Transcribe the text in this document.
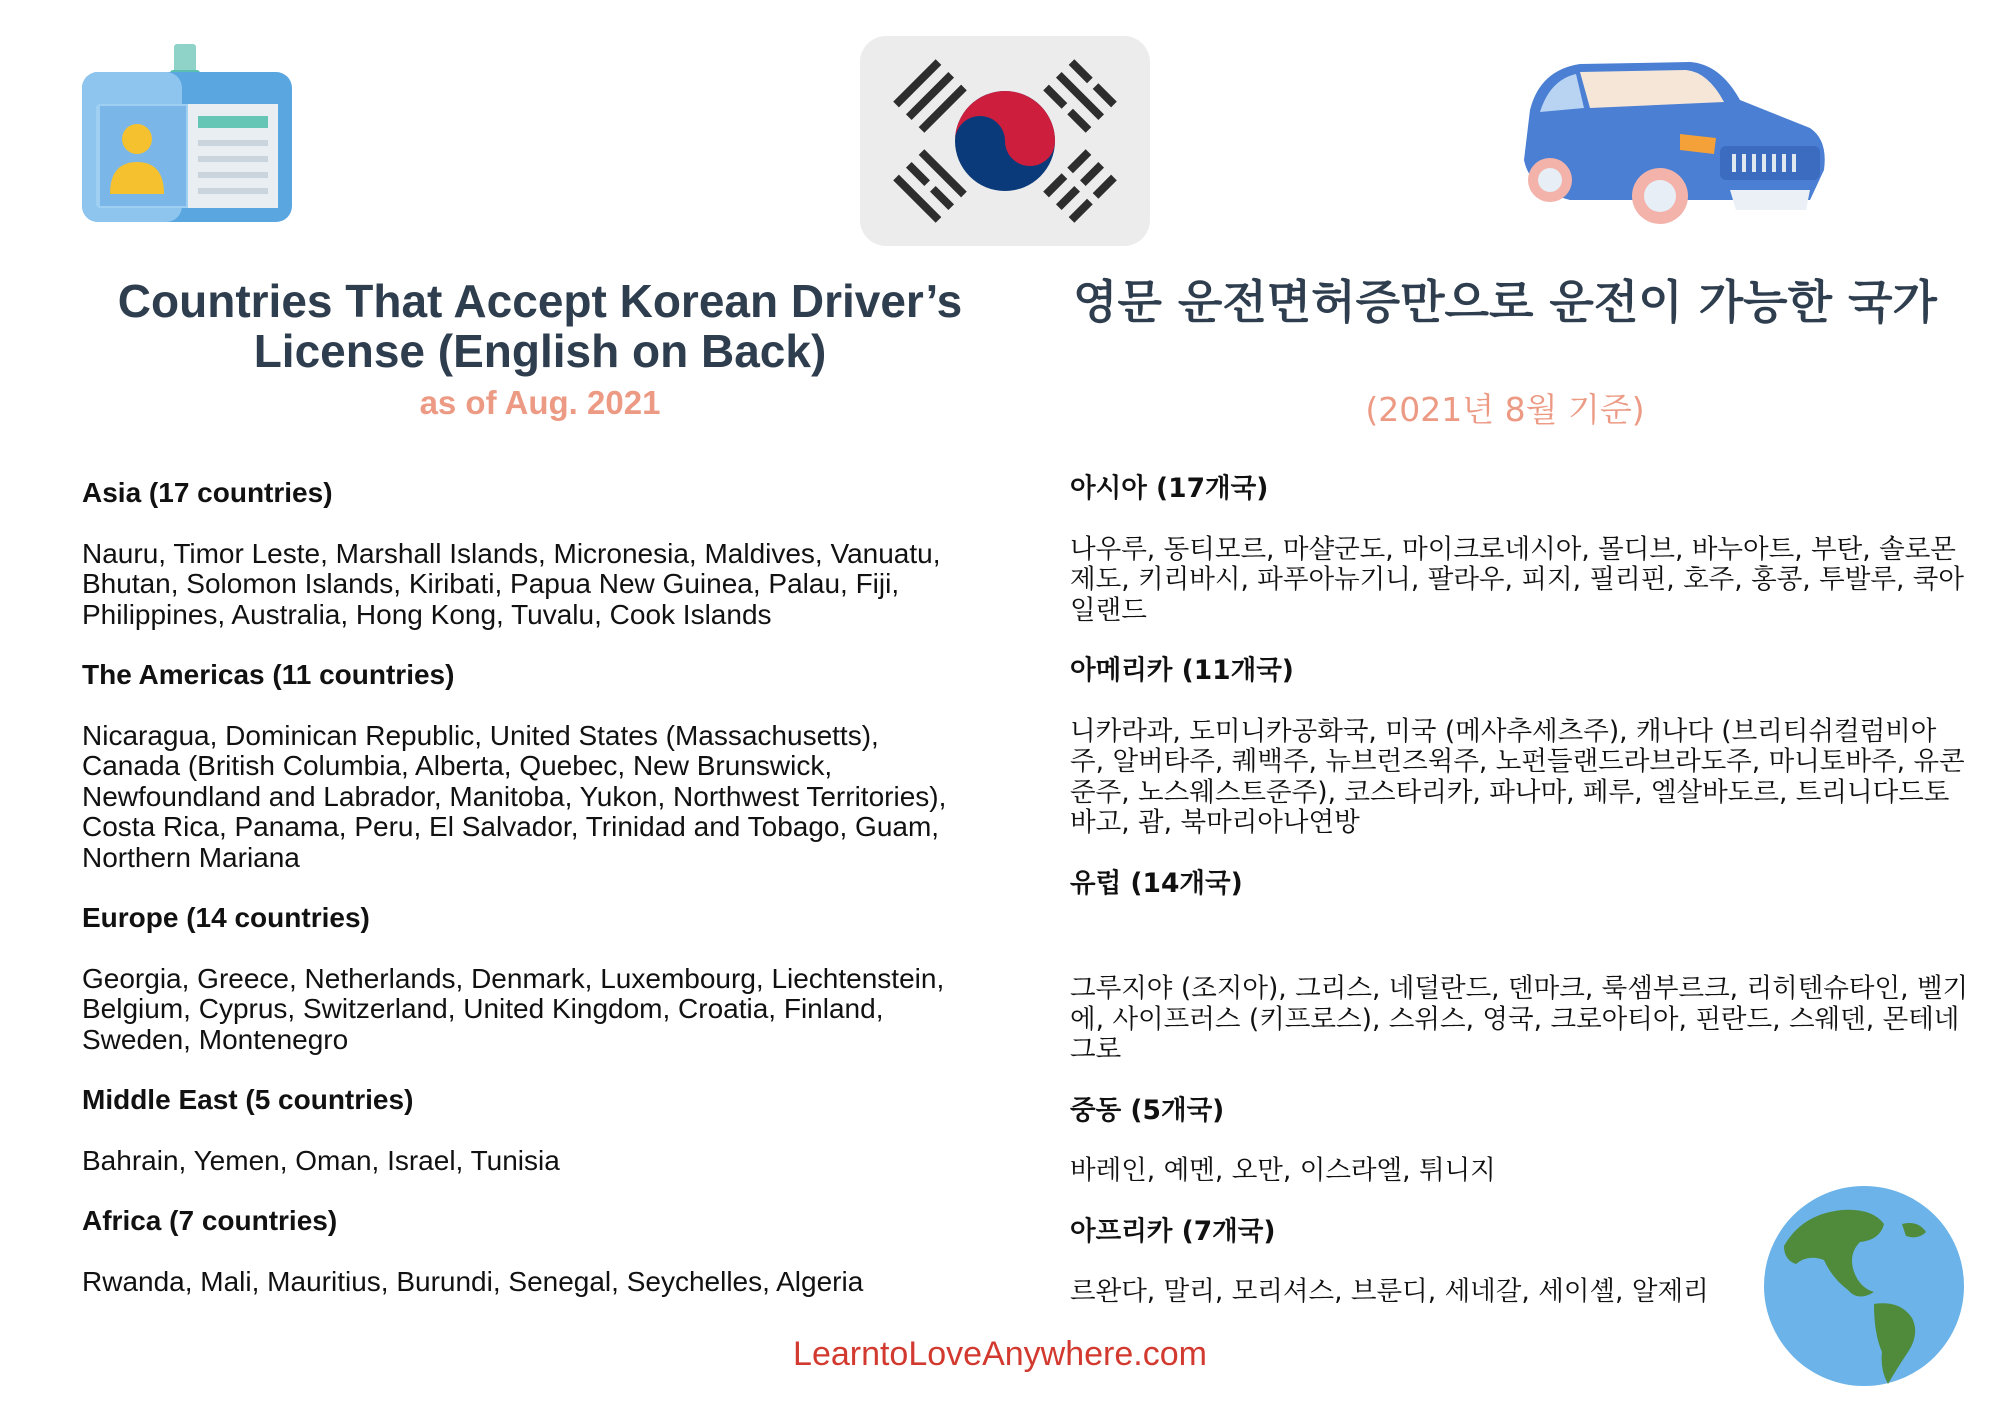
Countries That Accept Korean Driver’s License (English on Back)
as of Aug. 2021
영문 운전면허증만으로 운전이 가능한 국가
(2021년 8월 기준)

Asia (17 countries)

Nauru, Timor Leste, Marshall Islands, Micronesia, Maldives, Vanuatu, Bhutan, Solomon Islands, Kiribati, Papua New Guinea, Palau, Fiji, Philippines, Australia, Hong Kong, Tuvalu, Cook Islands

The Americas (11 countries)

Nicaragua, Dominican Republic, United States (Massachusetts), Canada (British Columbia, Alberta, Quebec, New Brunswick, Newfoundland and Labrador, Manitoba, Yukon, Northwest Territories), Costa Rica, Panama, Peru, El Salvador, Trinidad and Tobago, Guam, Northern Mariana

Europe (14 countries)

Georgia, Greece, Netherlands, Denmark, Luxembourg, Liechtenstein, Belgium, Cyprus, Switzerland, United Kingdom, Croatia, Finland, Sweden, Montenegro

Middle East (5 countries)

Bahrain, Yemen, Oman, Israel, Tunisia

Africa (7 countries)

Rwanda, Mali, Mauritius, Burundi, Senegal, Seychelles, Algeria

아시아 (17개국)

나우루, 동티모르, 마샬군도, 마이크로네시아, 몰디브, 바누아트, 부탄, 솔로몬제도, 키리바시, 파푸아뉴기니, 팔라우, 피지, 필리핀, 호주, 홍콩, 투발루, 쿡아일랜드

아메리카 (11개국)

니카라과, 도미니카공화국, 미국 (메사추세츠주), 캐나다 (브리티쉬컬럼비아주, 알버타주, 퀘백주, 뉴브런즈윅주, 노펀들랜드라브라도주, 마니토바주, 유콘준주, 노스웨스트준주), 코스타리카, 파나마, 페루, 엘살바도르, 트리니다드토바고, 괌, 북마리아나연방

유럽 (14개국)

그루지야 (조지아), 그리스, 네덜란드, 덴마크, 룩셈부르크, 리히텐슈타인, 벨기에, 사이프러스 (키프로스), 스위스, 영국, 크로아티아, 핀란드, 스웨덴, 몬테네그로

중동 (5개국)

바레인, 예멘, 오만, 이스라엘, 튀니지

아프리카 (7개국)

르완다, 말리, 모리셔스, 브룬디, 세네갈, 세이셸, 알제리

LearntoLoveAnywhere.com
